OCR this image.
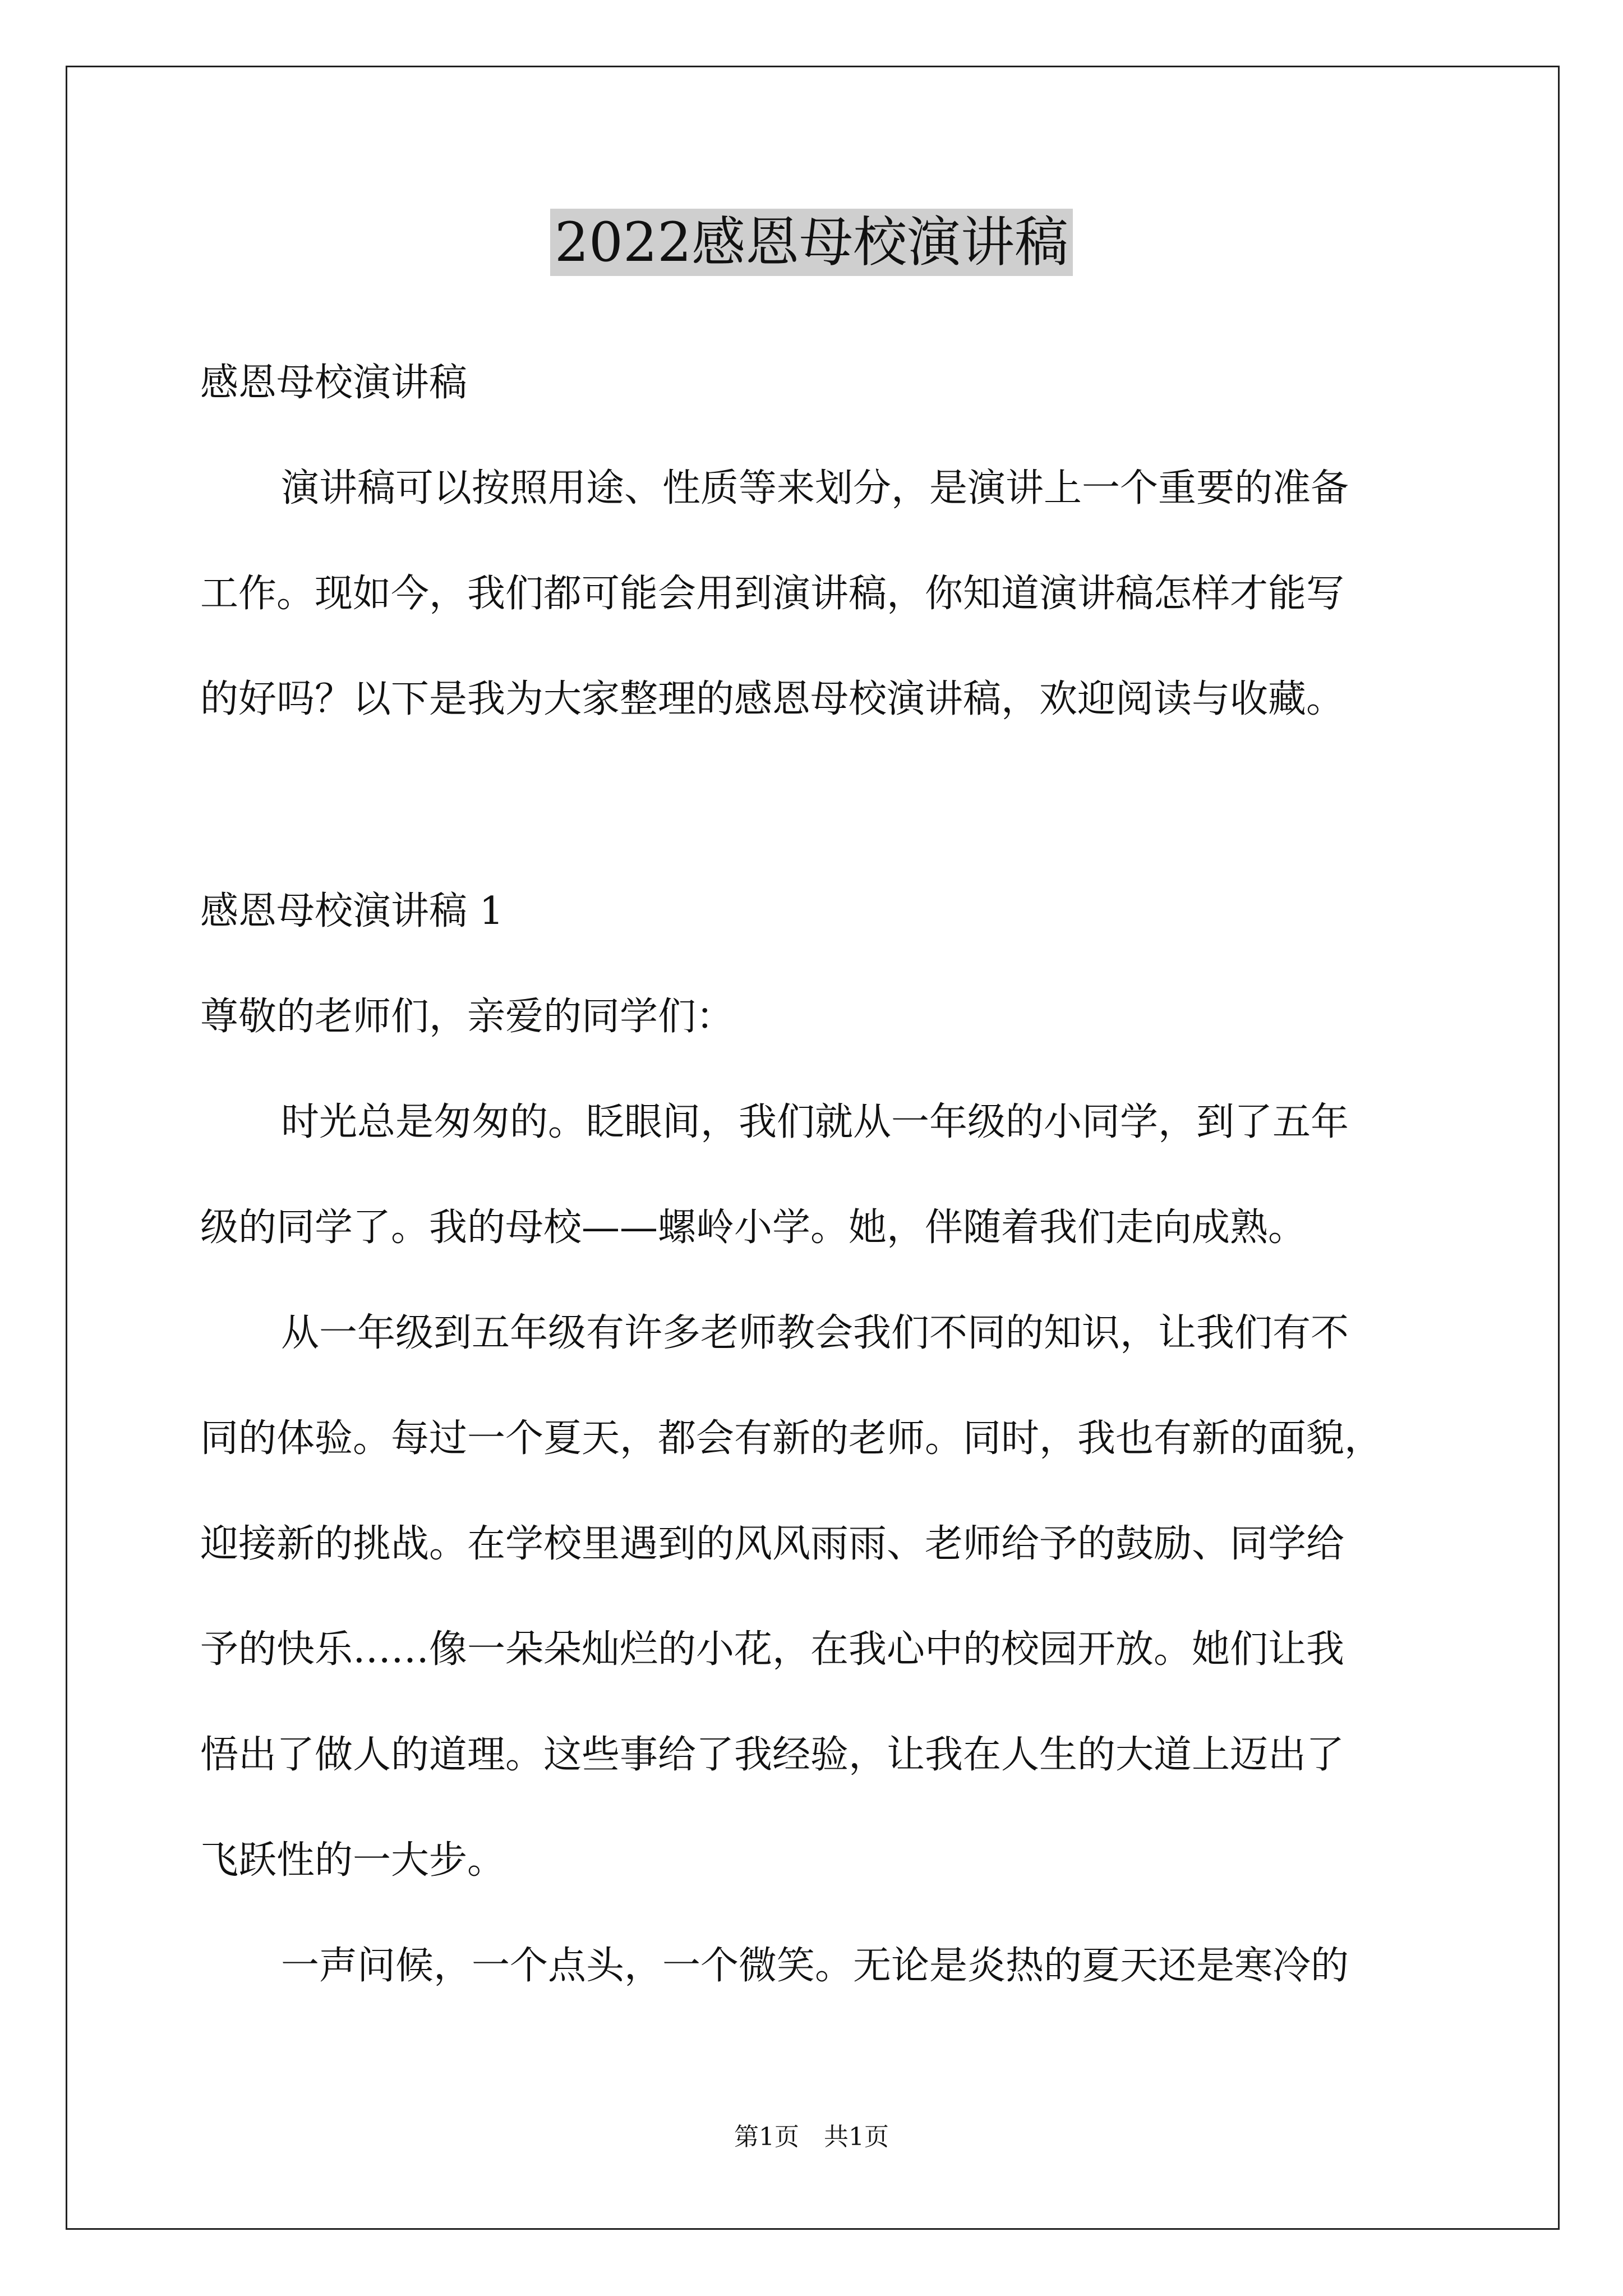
2022感恩母校演讲稿
感恩母校演讲稿
演讲稿可以按照用途、性质等来划分，是演讲上一个重要的准备
工作。现如今，我们都可能会用到演讲稿，你知道演讲稿怎样才能写
的好吗？以下是我为大家整理的感恩母校演讲稿，欢迎阅读与收藏。
感恩母校演讲稿 1
尊敬的老师们，亲爱的同学们：
时光总是匆匆的。眨眼间，我们就从一年级的小同学，到了五年
级的同学了。我的母校——螺岭小学。她，伴随着我们走向成熟。
从一年级到五年级有许多老师教会我们不同的知识，让我们有不
同的体验。每过一个夏天，都会有新的老师。同时，我也有新的面貌，
迎接新的挑战。在学校里遇到的风风雨雨、老师给予的鼓励、同学给
予的快乐……像一朵朵灿烂的小花，在我心中的校园开放。她们让我
悟出了做人的道理。这些事给了我经验，让我在人生的大道上迈出了
飞跃性的一大步。
一声问候，一个点头，一个微笑。无论是炎热的夏天还是寒冷的
第1页　共1页
